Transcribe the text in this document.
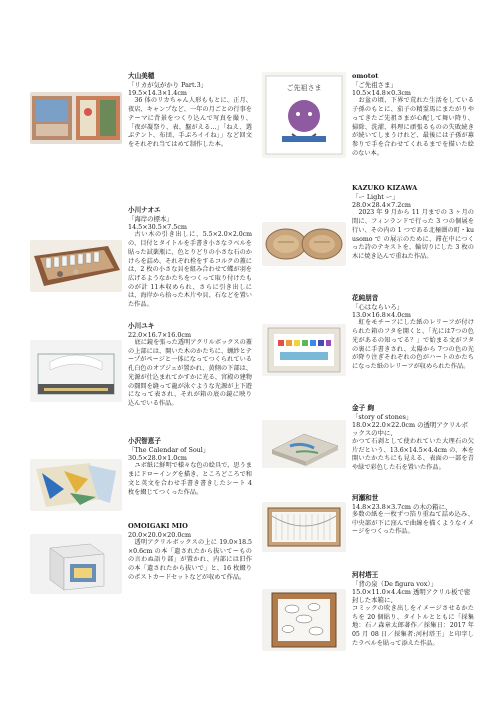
大山美穂
「リカが気がかり Part.3」
19.5×14.3×1.4cm
36 体のリカちゃん人形ももとに、正月、夜店、キャンプなど、一年の月ごとの行事をテーマに背景をつくり込んで写真を撮り、「夜が凝祭り、表、盤がえる…」「ねえ、選ぶテント、布団、手ぶろイイね」」など回文をそれぞれ当てはめて制作した本。
小川ナオエ
「海岸の標本」
14.5×30.5×7.5cm
古い木の引き出しに、5.5×2.0×2.0cm の、目付とタイトルを手書き小さなラベルを貼った試薬瓶に、色とりどりの小さな石のかけらを詰め、それぞれ栓をするコルクの蓋には、2 枚の小さな貝を組み合わせて蝶が羽を広げるようなかたちをつくって取り付けたものが計 11本収められ、さらに引き出しには、海岸から拾った木片や貝、石などを置いた作品。
小川ユキ
22.0×16.7×16.0cm
底に鏡を張った透明アクリルボックスの蓋の上部には、開いた木のかたちに、蝋紗とテープがページと一体になってつくられている孔白色のオブジェが置かれ、黄側の下部は、光源が仕込まれてかすかに光る、宮殿の建物の闘間を縫って龍が泳ぐような光源が上下遊になって表され、それが箱の底の鏡に映り込んでいる作品。
小沢智恵子
「The Calendar of Soul」
30.5×28.0×1.0cm
ユボ紙に鮮明で様々な色の絵具で、思うままにドローイングを描き、ところどころで和文と英文を合わせ手書き書きしたシート 4 枚を綴じてつくった作品。
OMOIGAKI MIO
20.0×20.0×20.0cm
透明アクリルボックスの上に 19.0×18.5×0.6cm の本「遺されたから抜いてーものの言わぬ語り部」が置かれ、内部には旧作の本「遺されたから抜いで」と、16 枚綴りのポストカードセットなどが収めて作品。
ご先祖さま
omotot
「ご先祖さま」
10.5×14.8×0.3cm
お盆の頃、下界で荒れた生活をしている子孫のもとに、茄子の精霊馬にまたがりやってきたご先祖さまが心配して舞い降り、掃除、洗濯、料理に頑張るものの失敗続きが続いてしまうけれど、最後には子孫が募参りで手を合わせてくれるまでを描いた絵のない本。
KAZUKO KIZAWA
「ー Light ー」
28.0×28.4×7.2cm
2023 年 9 月から 11 月までの 3 ヶ月の間に、フィンランドで行った 3 つの個展を行い、その内の 1 つである北極圏の町・kuusomo で の展示のために、滞在中につくった詩のテキストを、輪切りにした 3 枚の木に焼き込んで重ねた作品。
花純朋音
「心はならいろ」
13.0×16.8×4.0cm
虹をモチーフにした紙のレリーフが付けられた箱のフタを開くと、「光には7つの色光があるの知ってる？」で始まる文がフタの裏に手書きされ、太陽から 7つの色の光が降り注ぎそれぞれの色がハートのかたちになった紙のレリーフが収められた作品。
金子 絢
「story of stones」
18.0×22.0×22.0cm の透明アクリルボックスの中に、
かつて石剥として使われていた大理石の欠片だという、13.6×14.5×4.4cm の、本を開いたかたちにも見える、表面の一部を青や緑で彩色した石を置いた作品。
河瀬和世
14.8×23.8×3.7cm の木の箱に、
多数の紙を一枚ずつ箔り重ねて詰め込み、中央部が下に窪んで曲線を描くようなイメージをつくった作品。
河村塔王
「背の泉（De figura vox）」
15.0×11.0×4.4cm 透明アクリル板で密封した本箱に、
コミックの吹き出しをイメージさせるかたちを 20 個貼り、タイトルとともに「採集地：石ノ森章太郎著作／採集日：2017 年 05 月 08 日／採集者:河村塔王」と印字したラベルを貼って添えた作品。
